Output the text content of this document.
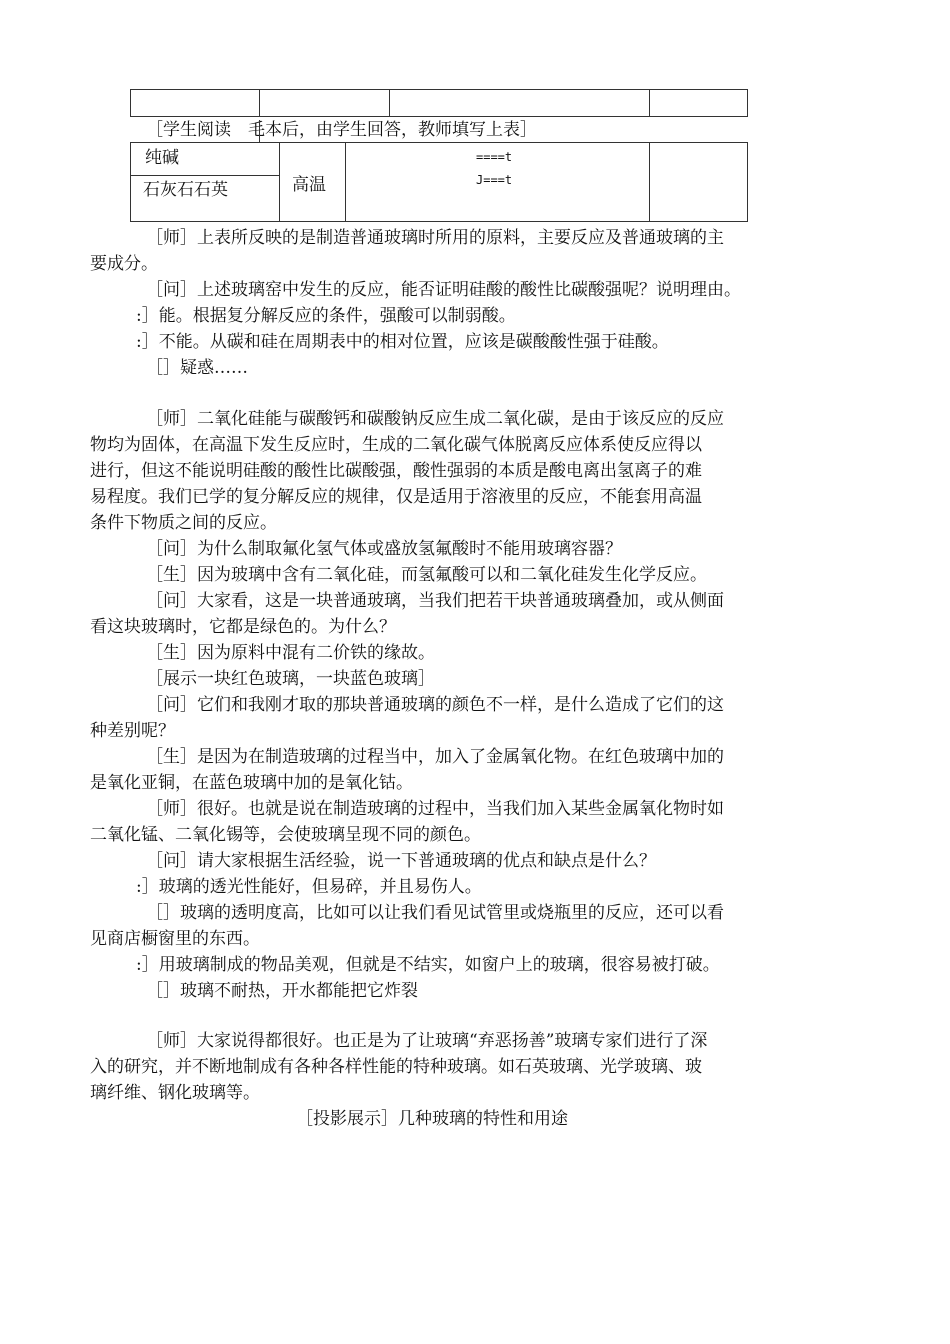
［学生阅读　毛本后，由学生回答，教师填写上表］
纯碱
石灰石石英	高温
====t
J===t
［师］上表所反映的是制造普通玻璃时所用的原料，主要反应及普通玻璃的主
要成分。
［问］上述玻璃窑中发生的反应，能否证明硅酸的酸性比碳酸强呢？说明理由。
:］能。根据复分解反应的条件，强酸可以制弱酸。
:］不能。从碳和硅在周期表中的相对位置，应该是碳酸酸性强于硅酸。
［］疑惑……
［师］二氧化硅能与碳酸钙和碳酸钠反应生成二氧化碳，是由于该反应的反应
物均为固体，在高温下发生反应时，生成的二氧化碳气体脱离反应体系使反应得以
进行，但这不能说明硅酸的酸性比碳酸强，酸性强弱的本质是酸电离出氢离子的难
易程度。我们已学的复分解反应的规律，仅是适用于溶液里的反应，不能套用高温
条件下物质之间的反应。
［问］为什么制取氟化氢气体或盛放氢氟酸时不能用玻璃容器？
［生］因为玻璃中含有二氧化硅，而氢氟酸可以和二氧化硅发生化学反应。
［问］大家看，这是一块普通玻璃，当我们把若干块普通玻璃叠加，或从侧面
看这块玻璃时，它都是绿色的。为什么？
［生］因为原料中混有二价铁的缘故。
［展示一块红色玻璃，一块蓝色玻璃］
［问］它们和我刚才取的那块普通玻璃的颜色不一样，是什么造成了它们的这
种差别呢？
［生］是因为在制造玻璃的过程当中，加入了金属氧化物。在红色玻璃中加的
是氧化亚铜，在蓝色玻璃中加的是氧化钴。
［师］很好。也就是说在制造玻璃的过程中，当我们加入某些金属氧化物时如
二氧化锰、二氧化锡等，会使玻璃呈现不同的颜色。
［问］请大家根据生活经验，说一下普通玻璃的优点和缺点是什么？
:］玻璃的透光性能好，但易碎，并且易伤人。
［］玻璃的透明度高，比如可以让我们看见试管里或烧瓶里的反应，还可以看
见商店橱窗里的东西。
:］用玻璃制成的物品美观，但就是不结实，如窗户上的玻璃，很容易被打破。
［］玻璃不耐热，开水都能把它炸裂
［师］大家说得都很好。也正是为了让玻璃“弃恶扬善”玻璃专家们进行了深
入的研究，并不断地制成有各种各样性能的特种玻璃。如石英玻璃、光学玻璃、玻
璃纤维、钢化玻璃等。
［投影展示］几种玻璃的特性和用途
